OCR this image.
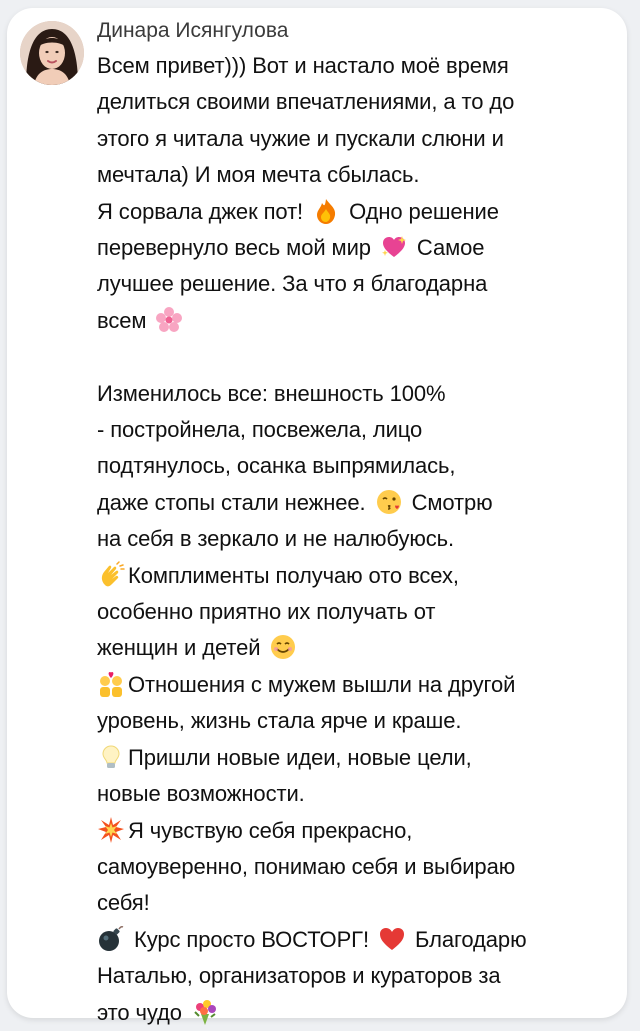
Динара Исянгулова
Всем привет))) Вот и настало моё время
делиться своими впечатлениями, а то до
этого я читала чужие и пускали слюни и
мечтала) И моя мечта сбылась.
Я сорвала джек пот! Одно решение
перевернуло весь мой мир Самое
лучшее решение. За что я благодарна
всем
Изменилось все: внешность 100%
- постройнела, посвежела, лицо
подтянулось, осанка выпрямилась,
даже стопы стали нежнее. Смотрю
на себя в зеркало и не налюбуюсь.
Комплименты получаю ото всех,
особенно приятно их получать от
женщин и детей
Отношения с мужем вышли на другой
уровень, жизнь стала ярче и краше.
Пришли новые идеи, новые цели,
новые возможности.
Я чувствую себя прекрасно,
самоуверенно, понимаю себя и выбираю
себя!
Курс просто ВОСТОРГ! Благодарю
Наталью, организаторов и кураторов за
это чудо
